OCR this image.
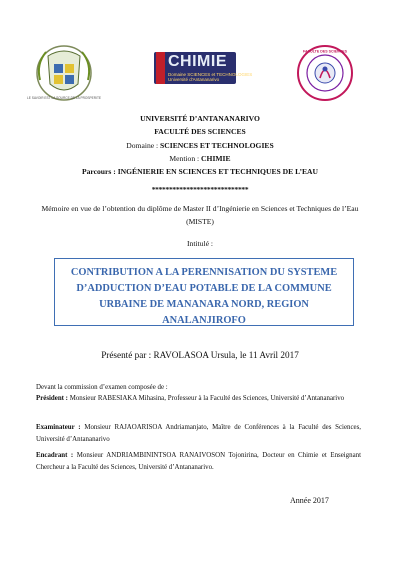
LE SAVOIR EST LA SOURCE DE LA PROSPERITE
CHIMIE
Domaine SCIENCES et TECHNOLOGIES
Université d'Antananarivo
FACULTE DES SCIENCES
UNIVERSITÉ D’ANTANANARIVO
FACULTÉ DES SCIENCES
Domaine : SCIENCES ET TECHNOLOGIES
Mention : CHIMIE
Parcours : INGÉNIERIE EN SCIENCES ET TECHNIQUES DE L’EAU
****************************
Mémoire en vue de l’obtention du diplôme de Master II d’Ingénierie en Sciences et Techniques de l’Eau (MISTE)
Intitulé :
CONTRIBUTION A LA PERENNISATION DU SYSTEME
D’ADDUCTION D’EAU POTABLE DE LA COMMUNE
URBAINE DE MANANARA NORD, REGION
ANALANJIROFO
Présenté par : RAVOLASOA Ursula, le 11 Avril 2017
Devant la commission d’examen composée de :
Président : Monsieur RABESIAKA Mihasina, Professeur à la Faculté des Sciences, Université d’Antananarivo
Examinateur : Monsieur RAJAOARISOA Andriamanjato, Maître de Conférences à la Faculté des Sciences, Université d’Antananarivo
Encadrant : Monsieur ANDRIAMBININTSOA RANAIVOSON Tojonirina, Docteur en Chimie et Enseignant Chercheur a la Faculté des Sciences, Université d’Antananarivo.
Année 2017
